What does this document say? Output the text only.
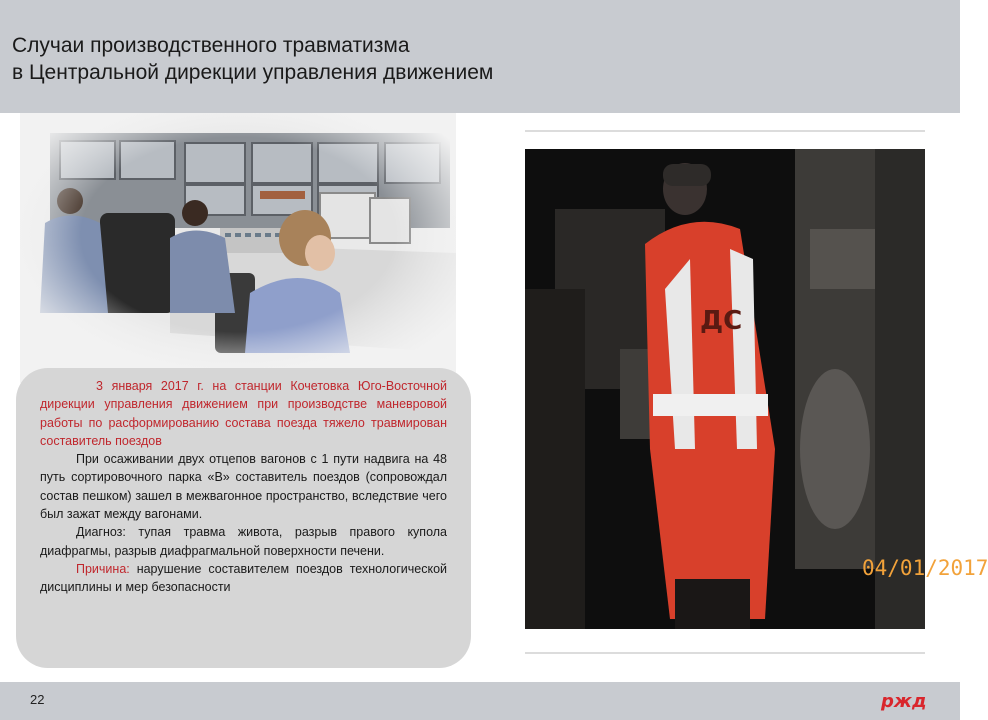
Случаи производственного травматизма
в Центральной дирекции управления движением

3 января 2017 г. на станции Кочетовка Юго-Восточной дирекции управления движением при производстве маневровой работы по расформированию состава поезда тяжело травмирован составитель поездов

При осаживании двух отцепов вагонов с 1 пути надвига на 48 путь сортировочного парка «В» составитель поездов (сопровождал состав пешком) зашел в межвагонное пространство, вследствие чего был зажат между вагонами.

Диагноз: тупая травма живота, разрыв правого купола диафрагмы, разрыв диафрагмальной поверхности печени.

Причина: нарушение составителем поездов технологической дисциплины и мер безопасности

ДС
04/01/2017
22	рж д
